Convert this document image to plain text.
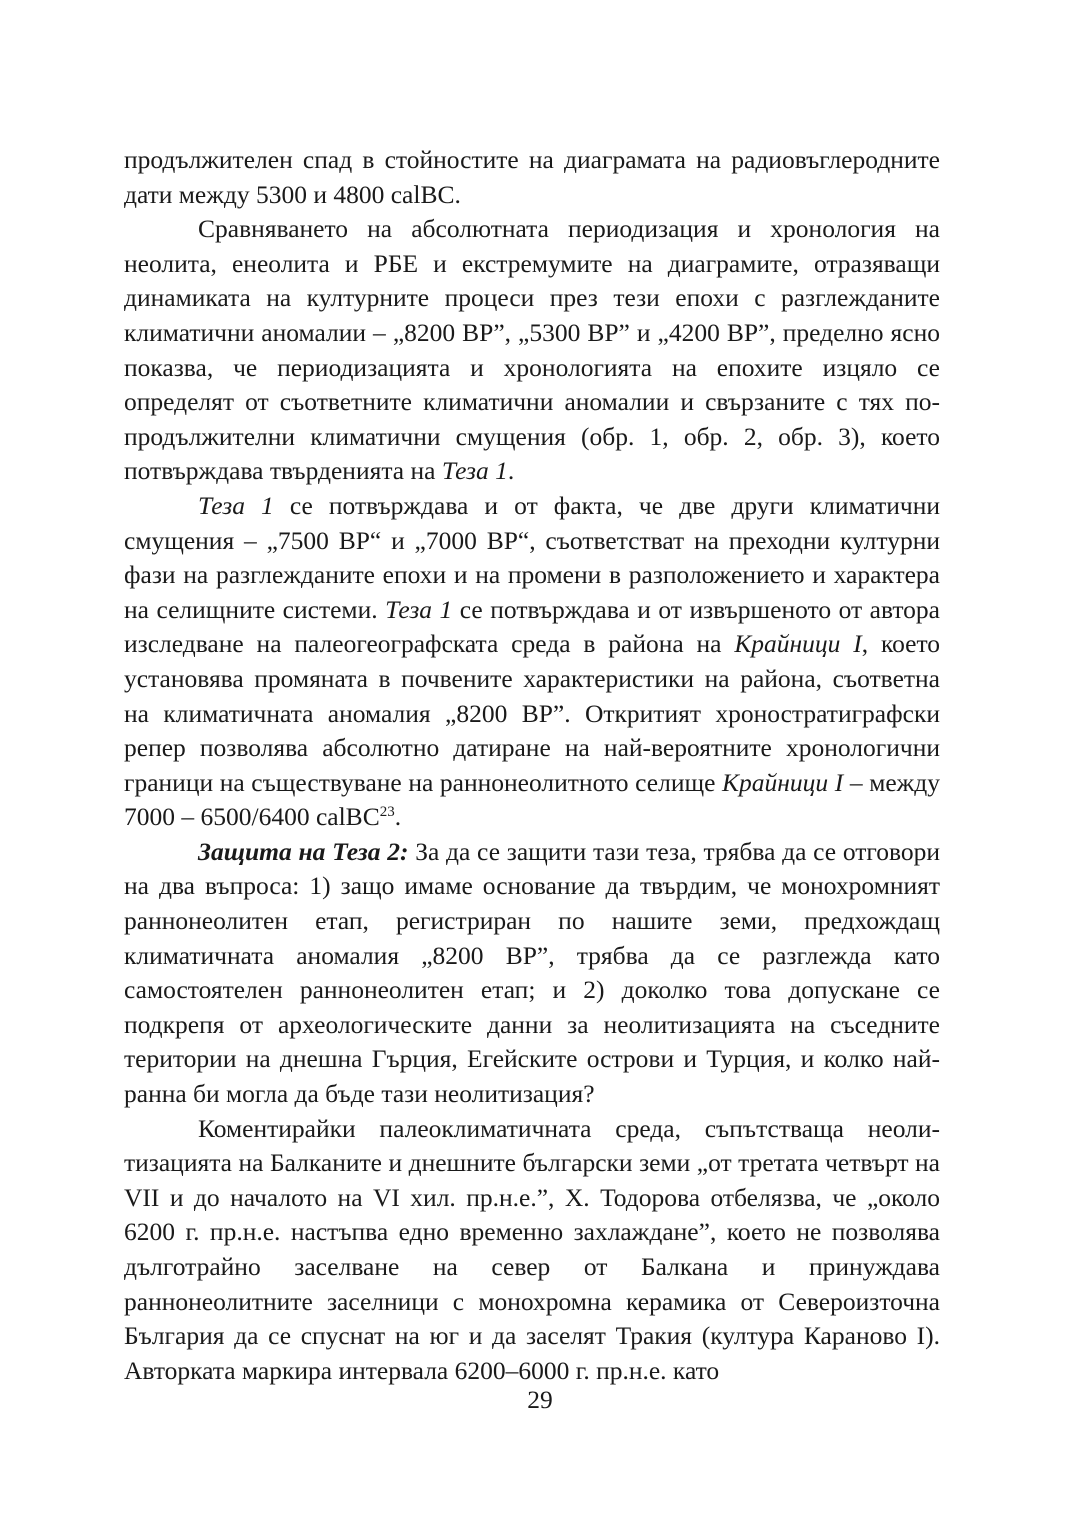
продължителен спад в стойностите на диаграмата на радиовъглеродните дати между 5300 и 4800 calBC.

Сравняването на абсолютната периодизация и хронология на неолита, енеолита и РБЕ и екстремумите на диаграмите, отразяващи динамиката на културните процеси през тези епохи с разглежданите климатични аномалии – „8200 ВР”, „5300 ВР” и „4200 ВР”, пределно ясно показва, че периодизацията и хронологията на епохите изцяло се определят от съответните климатични аномалии и свързаните с тях по-продължителни климатични смущения (обр. 1, обр. 2, обр. 3), което потвърждава твърденията на Теза 1.

Теза 1 се потвърждава и от факта, че две други климатични смущения – „7500 ВР“ и „7000 ВР“, съответстват на преходни културни фази на разглежданите епохи и на промени в разположението и характера на селищните системи. Теза 1 се потвърждава и от извършеното от автора изследване на палеогеографската среда в района на Крайници I, което установява промяната в почвените характеристики на района, съответна на климатичната аномалия „8200 ВР”. Откритият хроностратиграфски репер позволява абсолютно датиране на най-вероятните хронологични граници на съществуване на раннонеолитното селище Крайници I – между 7000 – 6500/6400 calBC$^{23}$.

Защита на Теза 2: За да се защити тази теза, трябва да се отговори на два въпроса: 1) защо имаме основание да твърдим, че монохромният раннонеолитен етап, регистриран по нашите земи, предхождащ климатичната аномалия „8200 ВР”, трябва да се разглежда като самостоятелен раннонеолитен етап; и 2) доколко това допускане се подкрепя от археологическите данни за неолитизацията на съседните територии на днешна Гърция, Егейските острови и Турция, и колко най-ранна би могла да бъде тази неолитизация?

Коментирайки палеоклиматичната среда, съпътстваща неолитизацията на Балканите и днешните български земи „от третата четвърт на VII и до началото на VI хил. пр.н.е.”, Х. Тодорова отбелязва, че „около 6200 г. пр.н.е. настъпва едно временно захлаждане”, което не позволява дълготрайно заселване на север от Балкана и принуждава раннонеолитните заселници с монохромна керамика от Североизточна България да се спуснат на юг и да заселят Тракия (култура Караново I). Авторката маркира интервала 6200–6000 г. пр.н.е. като

29
